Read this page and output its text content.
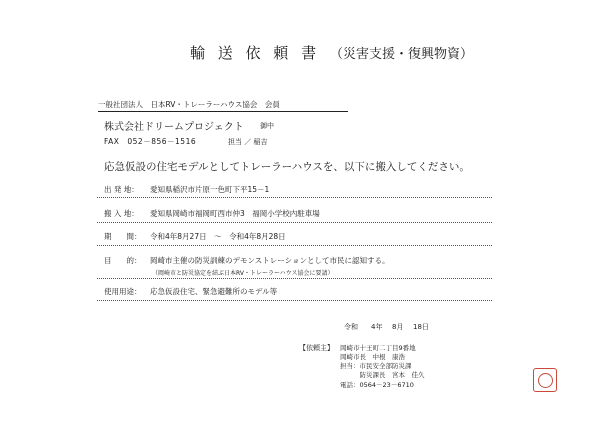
輸 送 依 頼 書 （災害支援・復興物資）
一般社団法人　日本RV・トレーラーハウス協会　会員
株式会社ドリームプロジェクト 御中
FAX　052－856－1516	担当 ／ 稲吉
応急仮設の住宅モデルとしてトレーラーハウスを、以下に搬入してください。
出 発 地： 愛知県稲沢市片原一色町下平15－1
搬 入 地： 愛知県岡崎市福岡町西市仲3　福岡小学校内駐車場
期　　間： 令和4年8月27日　～　令和4年8月28日
目　　的： 岡崎市主催の防災訓練のデモンストレーションとして市民に認知する。
（岡崎市と防災協定を結ぶ日本RV・トレーラーハウス協会に要請）
使用用途： 応急仮設住宅、緊急避難所のモデル等
令和 4年 8月 18日
【依頼主】 岡崎市十王町二丁目9番地
岡崎市長　中根　康浩
担当：市民安全部防災課
　　　防災課長　宮本　佳久
電話：0564－23－6710
